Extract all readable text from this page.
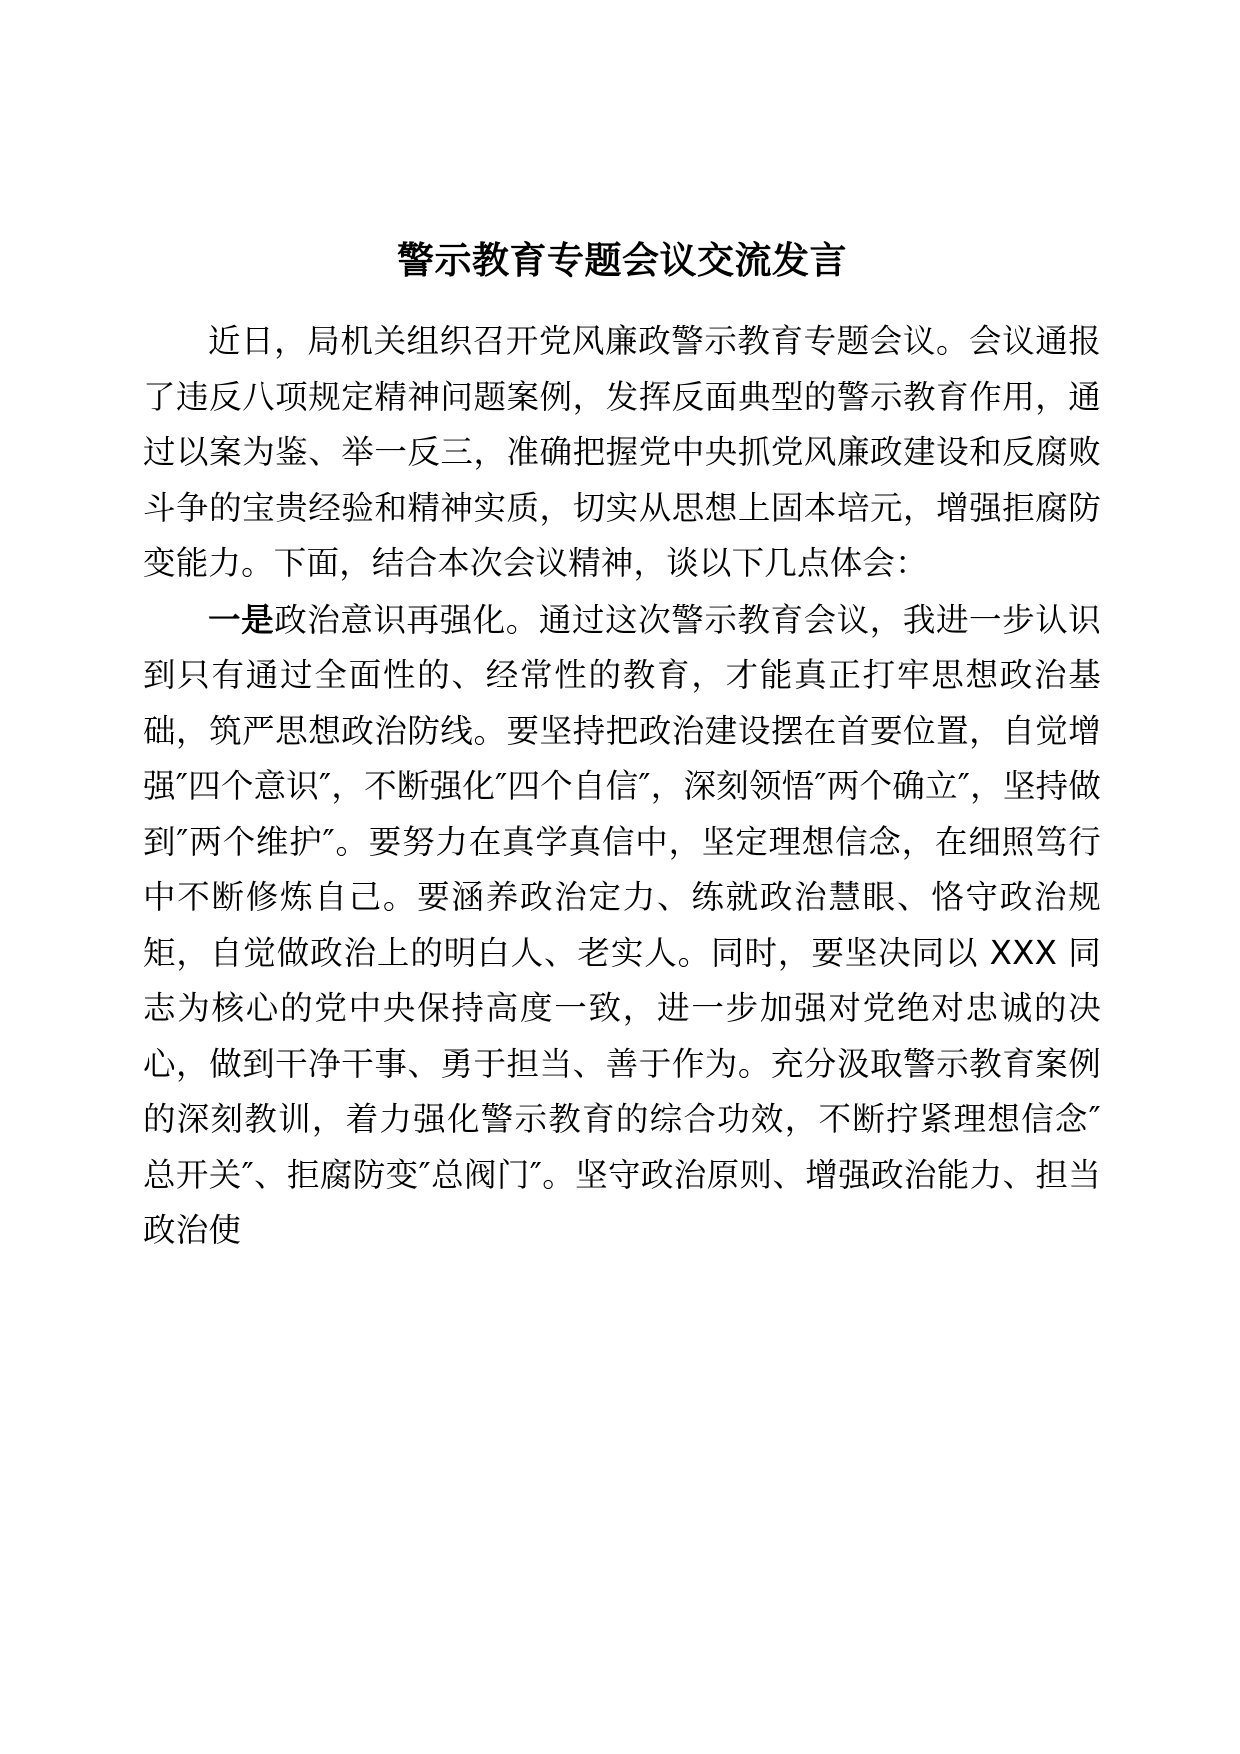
警示教育专题会议交流发言

近日，局机关组织召开党风廉政警示教育专题会议。会议通报了违反八项规定精神问题案例，发挥反面典型的警示教育作用，通过以案为鉴、举一反三，准确把握党中央抓党风廉政建设和反腐败斗争的宝贵经验和精神实质，切实从思想上固本培元，增强拒腐防变能力。下面，结合本次会议精神，谈以下几点体会：

一是政治意识再强化。通过这次警示教育会议，我进一步认识到只有通过全面性的、经常性的教育，才能真正打牢思想政治基础，筑严思想政治防线。要坚持把政治建设摆在首要位置，自觉增强″四个意识″，不断强化″四个自信″，深刻领悟″两个确立″，坚持做到″两个维护″。要努力在真学真信中，坚定理想信念，在细照笃行中不断修炼自己。要涵养政治定力、练就政治慧眼、恪守政治规矩，自觉做政治上的明白人、老实人。同时，要坚决同以 XXX 同志为核心的党中央保持高度一致，进一步加强对党绝对忠诚的决心，做到干净干事、勇于担当、善于作为。充分汲取警示教育案例的深刻教训，着力强化警示教育的综合功效，不断拧紧理想信念″总开关″、拒腐防变″总阀门″。坚守政治原则、增强政治能力、担当政治使
